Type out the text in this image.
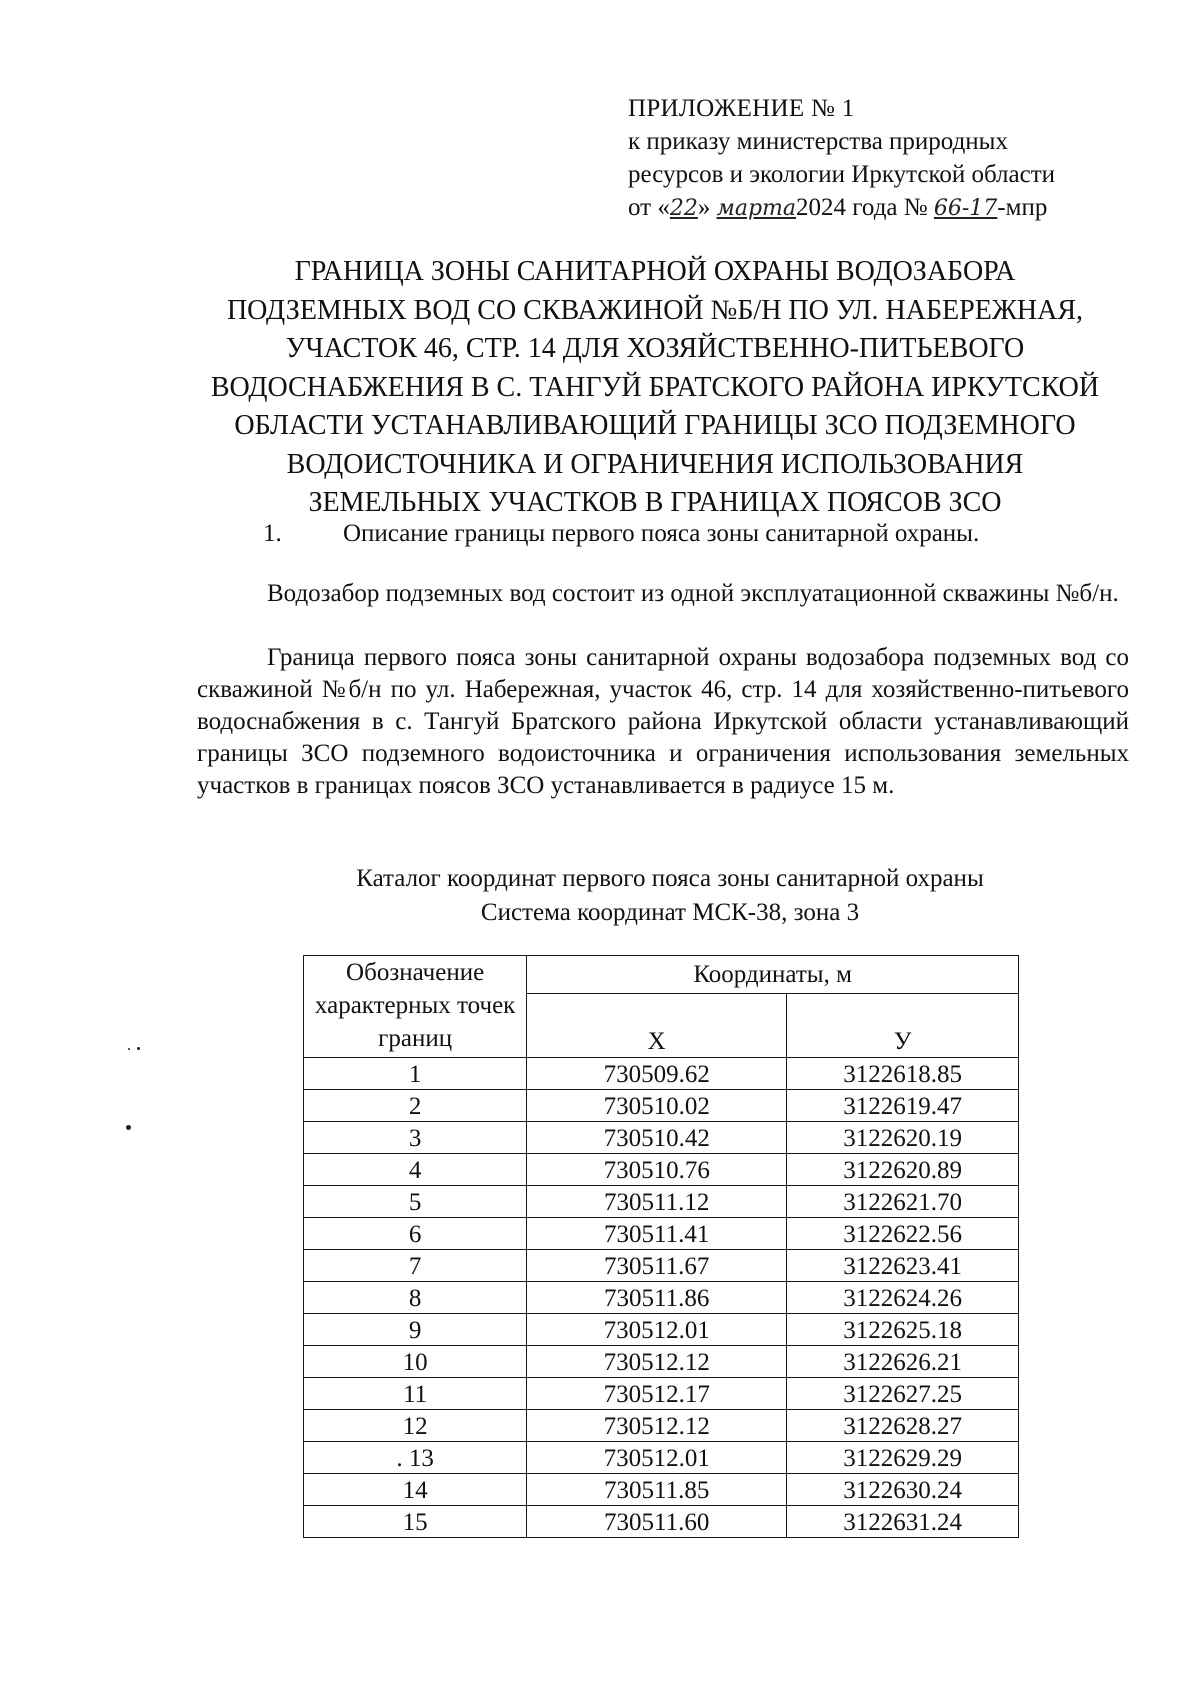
ПРИЛОЖЕНИЕ № 1
к приказу министерства природных
ресурсов и экологии Иркутской области
от «22» марта2024 года № 66-17-мпр
ГРАНИЦА ЗОНЫ САНИТАРНОЙ ОХРАНЫ ВОДОЗАБОРА
ПОДЗЕМНЫХ ВОД СО СКВАЖИНОЙ №Б/Н ПО УЛ. НАБЕРЕЖНАЯ,
УЧАСТОК 46, СТР. 14 ДЛЯ ХОЗЯЙСТВЕННО-ПИТЬЕВОГО
ВОДОСНАБЖЕНИЯ В С. ТАНГУЙ БРАТСКОГО РАЙОНА ИРКУТСКОЙ
ОБЛАСТИ УСТАНАВЛИВАЮЩИЙ ГРАНИЦЫ ЗСО ПОДЗЕМНОГО
ВОДОИСТОЧНИКА И ОГРАНИЧЕНИЯ ИСПОЛЬЗОВАНИЯ
ЗЕМЕЛЬНЫХ УЧАСТКОВ В ГРАНИЦАХ ПОЯСОВ ЗСО
1. Описание границы первого пояса зоны санитарной охраны.
Водозабор подземных вод состоит из одной эксплуатационной скважины №б/н.
Граница первого пояса зоны санитарной охраны водозабора подземных вод со скважиной №б/н по ул. Набережная, участок 46, стр. 14 для хозяйственно-питьевого водоснабжения в с. Тангуй Братского района Иркутской области устанавливающий границы ЗСО подземного водоисточника и ограничения использования земельных участков в границах поясов ЗСО устанавливается в радиусе 15 м.
Каталог координат первого пояса зоны санитарной охраны
Система координат МСК-38, зона 3
Обозначение характерных точек границ	Координаты, м	
	X	У
1	730509.62	3122618.85
2	730510.02	3122619.47
3	730510.42	3122620.19
4	730510.76	3122620.89
5	730511.12	3122621.70
6	730511.41	3122622.56
7	730511.67	3122623.41
8	730511.86	3122624.26
9	730512.01	3122625.18
10	730512.12	3122626.21
11	730512.17	3122627.25
12	730512.12	3122628.27
. 13	730512.01	3122629.29
14	730511.85	3122630.24
15	730511.60	3122631.24
